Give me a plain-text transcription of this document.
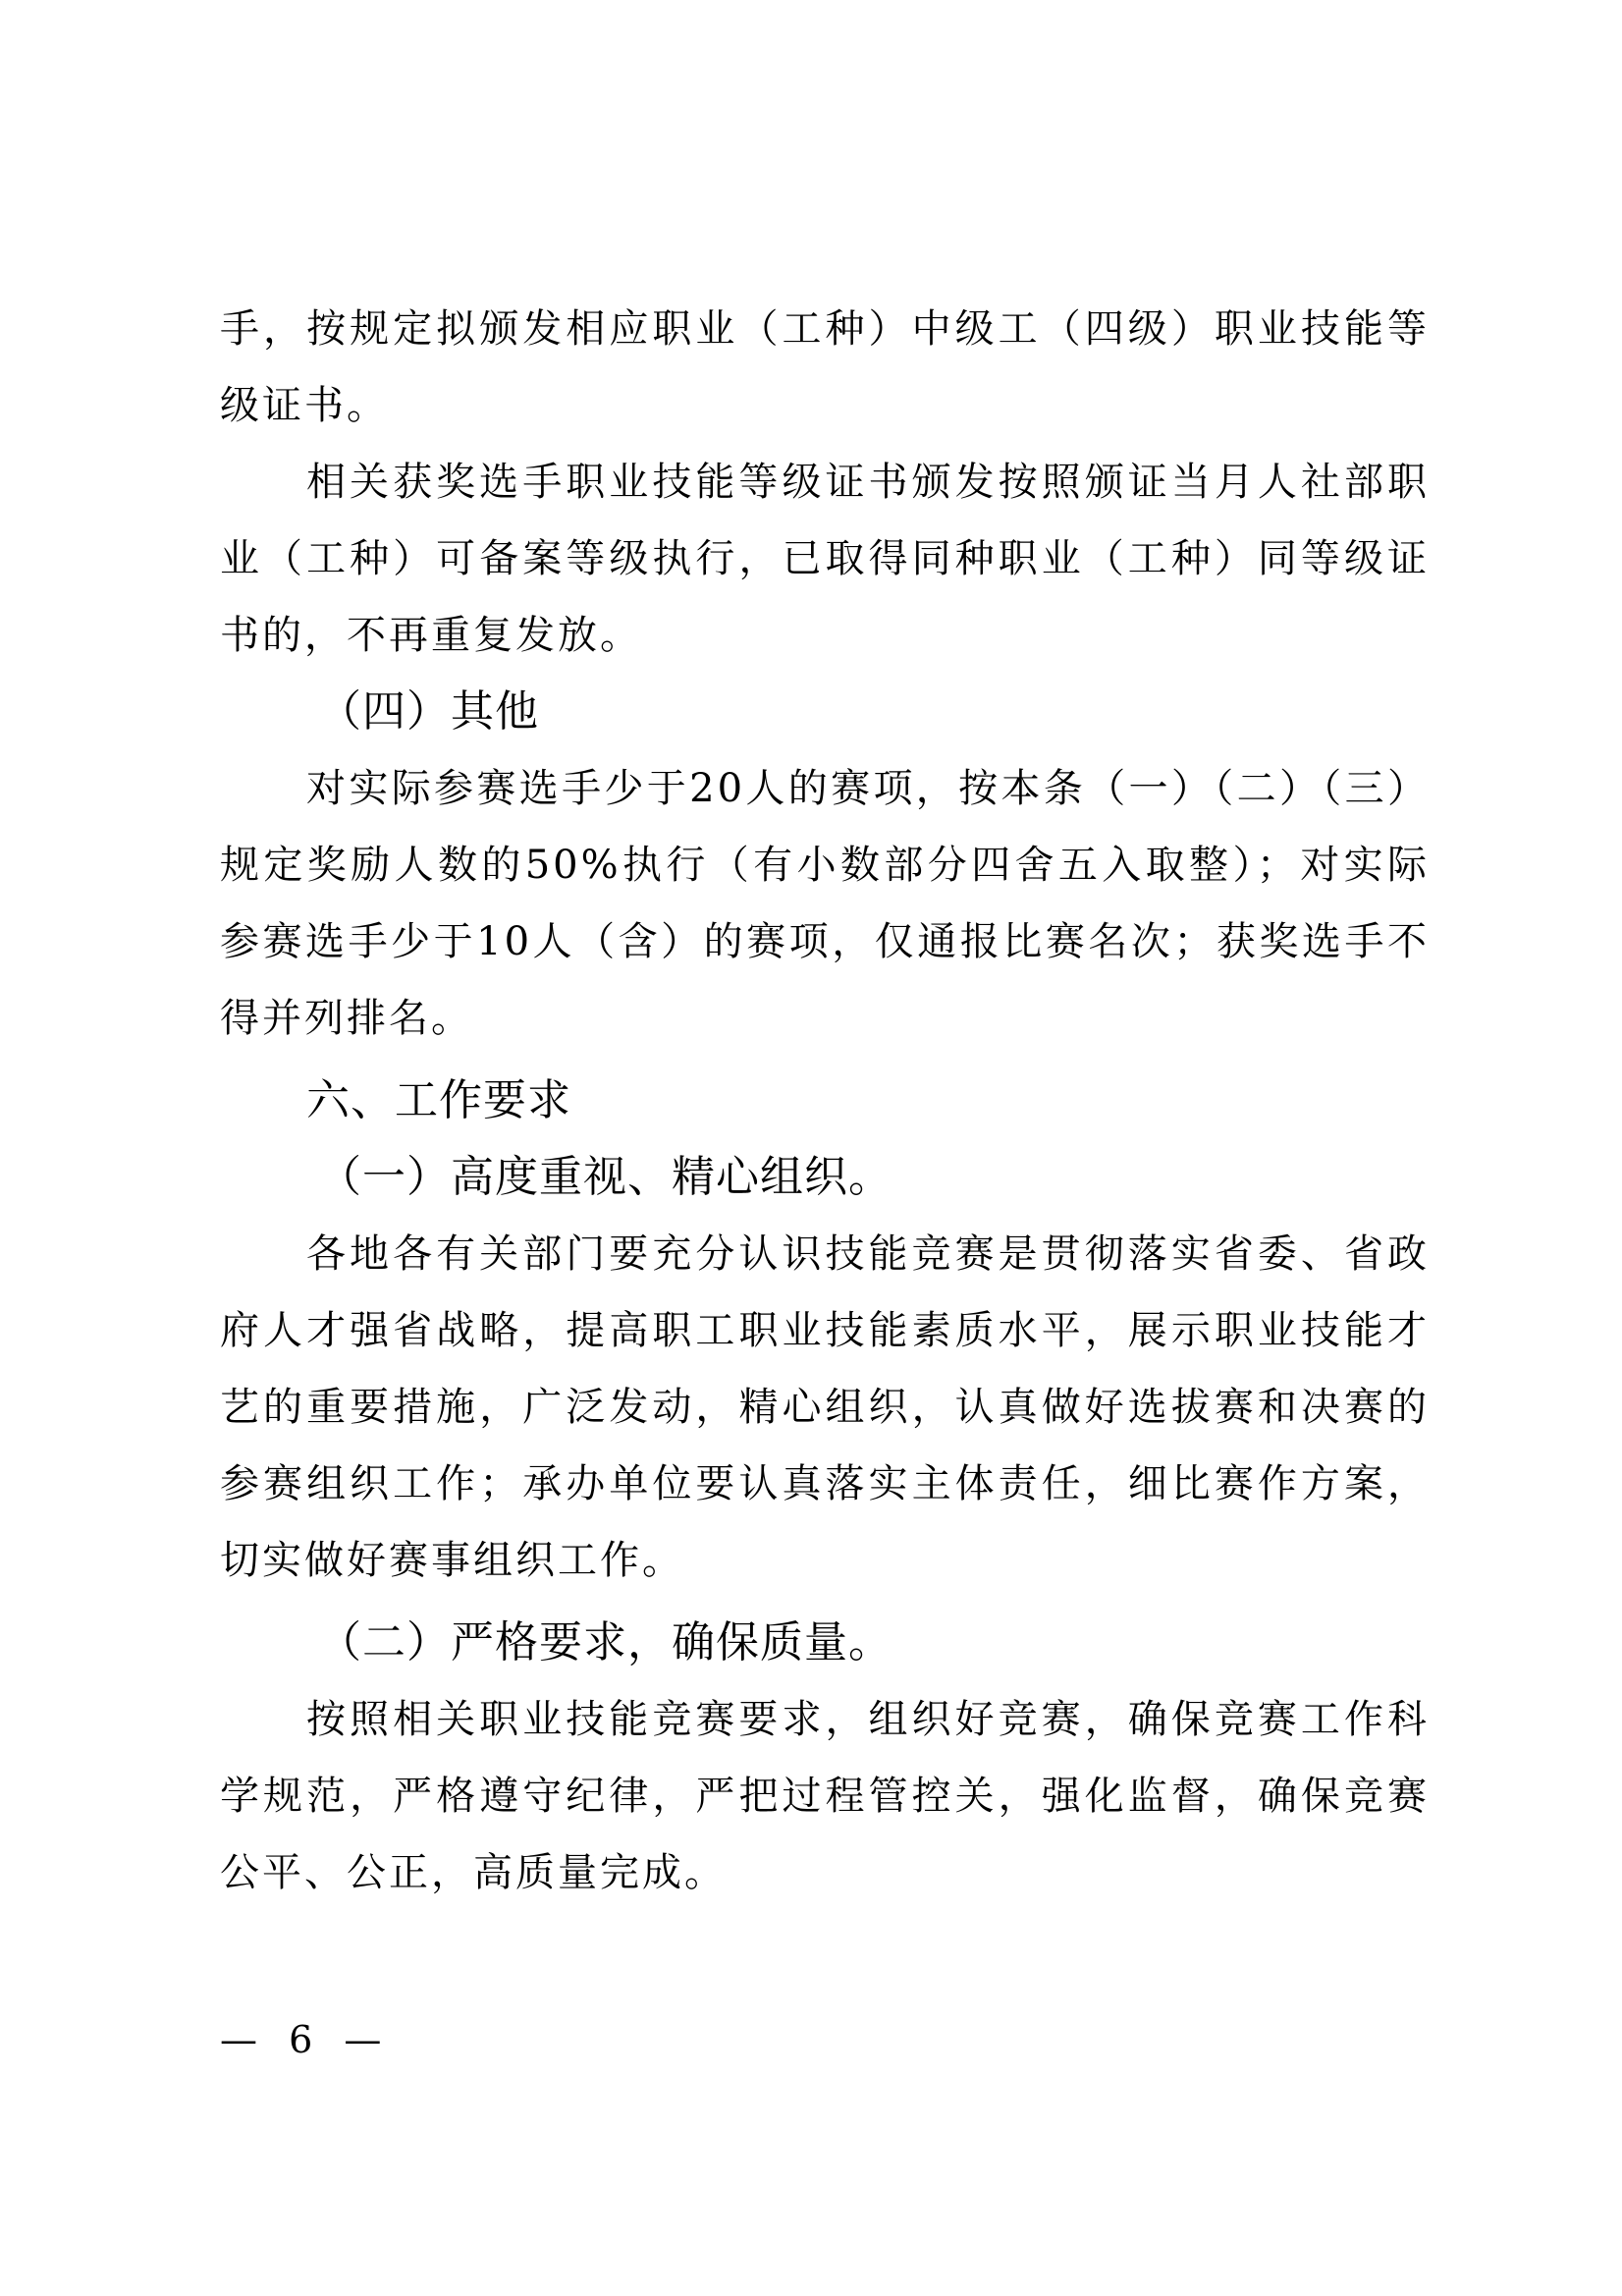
手，按规定拟颁发相应职业（工种）中级工（四级）职业技能等级证书。

相关获奖选手职业技能等级证书颁发按照颁证当月人社部职业（工种）可备案等级执行，已取得同种职业（工种）同等级证书的，不再重复发放。

（四）其他

对实际参赛选手少于20人的赛项，按本条（一）（二）（三）规定奖励人数的50%执行（有小数部分四舍五入取整）；对实际参赛选手少于10人（含）的赛项，仅通报比赛名次；获奖选手不得并列排名。

六、工作要求

（一）高度重视、精心组织。

各地各有关部门要充分认识技能竞赛是贯彻落实省委、省政府人才强省战略，提高职工职业技能素质水平，展示职业技能才艺的重要措施，广泛发动，精心组织，认真做好选拔赛和决赛的参赛组织工作；承办单位要认真落实主体责任，细比赛作方案，切实做好赛事组织工作。

（二）严格要求，确保质量。

按照相关职业技能竞赛要求，组织好竞赛，确保竞赛工作科学规范，严格遵守纪律，严把过程管控关，强化监督，确保竞赛公平、公正，高质量完成。

— 6 —
